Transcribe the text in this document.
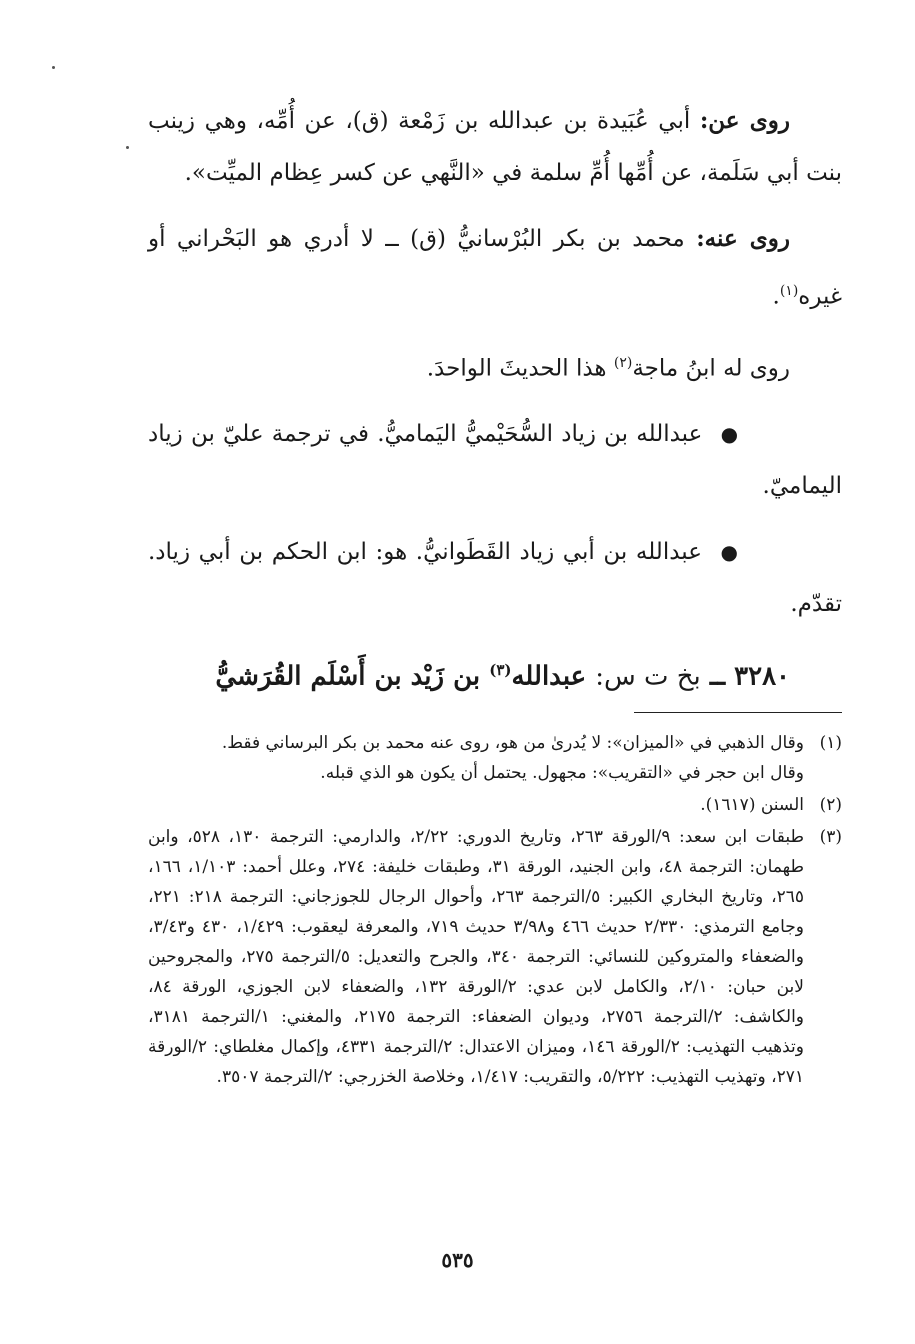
روى عن: أبي عُبَيدة بن عبدالله بن زَمْعة (ق)، عن أُمِّه، وهي زينب بنت أبي سَلَمة، عن أُمِّها أُمِّ سلمة في «النَّهي عن كسر عِظام الميِّت».

روى عنه: محمد بن بكر البُرْسانيُّ (ق) ــ لا أدري هو البَحْراني أو غيره$^{(١)}$.

روى له ابنُ ماجة$^{(٢)}$ هذا الحديثَ الواحدَ.

● عبدالله بن زياد السُّحَيْميُّ اليَماميُّ. في ترجمة عليّ بن زياد اليماميّ.

● عبدالله بن أبي زياد القَطَوانيُّ. هو: ابن الحكم بن أبي زياد. تقدّم.

٣٢٨٠ ــ بخ ت س: عبدالله$^{(٣)}$ بن زَيْد بن أَسْلَم القُرَشيُّ

(١)
وقال الذهبي في «الميزان»: لا يُدرىٰ من هو، روى عنه محمد بن بكر البرساني فقط.
وقال ابن حجر في «التقريب»: مجهول. يحتمل أن يكون هو الذي قبله.
(٢)
السنن (١٦١٧).
(٣)
طبقات ابن سعد: ٩/الورقة ٢٦٣، وتاريخ الدوري: ٢/٢٢، والدارمي: الترجمة ١٣٠، ٥٢٨، وابن طهمان: الترجمة ٤٨، وابن الجنيد، الورقة ٣١، وطبقات خليفة: ٢٧٤، وعلل أحمد: ١/١٠٣، ١٦٦، ٢٦٥، وتاريخ البخاري الكبير: ٥/الترجمة ٢٦٣، وأحوال الرجال للجوزجاني: الترجمة ٢١٨: ٢٢١، وجامع الترمذي: ٢/٣٣٠ حديث ٤٦٦ و٣/٩٨ حديث ٧١٩، والمعرفة ليعقوب: ١/٤٢٩، ٤٣٠ و٣/٤٣، والضعفاء والمتروكين للنسائي: الترجمة ٣٤٠، والجرح والتعديل: ٥/الترجمة ٢٧٥، والمجروحين لابن حبان: ٢/١٠، والكامل لابن عدي: ٢/الورقة ١٣٢، والضعفاء لابن الجوزي، الورقة ٨٤، والكاشف: ٢/الترجمة ٢٧٥٦، وديوان الضعفاء: الترجمة ٢١٧٥، والمغني: ١/الترجمة ٣١٨١، وتذهيب التهذيب: ٢/الورقة ١٤٦، وميزان الاعتدال: ٢/الترجمة ٤٣٣١، وإكمال مغلطاي: ٢/الورقة ٢٧١، وتهذيب التهذيب: ٥/٢٢٢، والتقريب: ١/٤١٧، وخلاصة الخزرجي: ٢/الترجمة ٣٥٠٧.
٥٣٥
